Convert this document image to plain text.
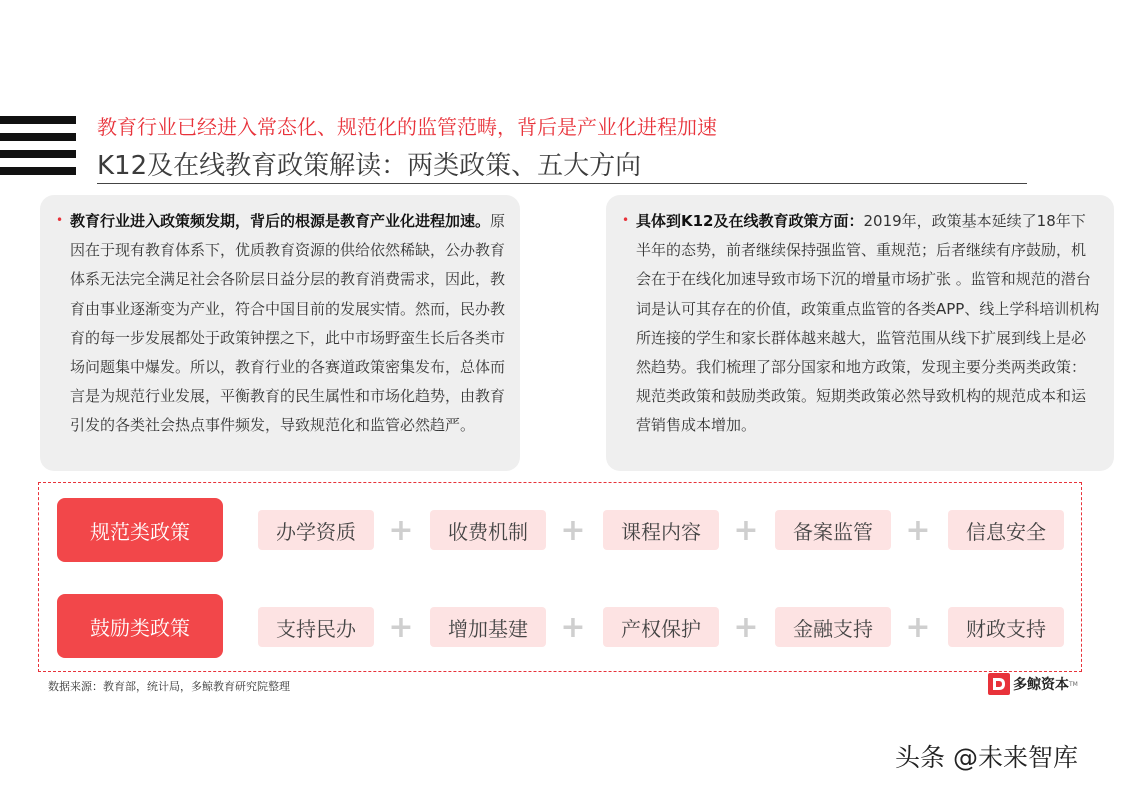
教育行业已经进入常态化、规范化的监管范畴，背后是产业化进程加速
K12及在线教育政策解读：两类政策、五大方向
• 教育行业进入政策频发期，背后的根源是教育产业化进程加速。原因在于现有教育体系下，优质教育资源的供给依然稀缺，公办教育体系无法完全满足社会各阶层日益分层的教育消费需求，因此，教育由事业逐渐变为产业，符合中国目前的发展实情。然而，民办教育的每一步发展都处于政策钟摆之下，此中市场野蛮生长后各类市场问题集中爆发。所以，教育行业的各赛道政策密集发布，总体而言是为规范行业发展，平衡教育的民生属性和市场化趋势，由教育引发的各类社会热点事件频发，导致规范化和监管必然趋严。
• 具体到K12及在线教育政策方面：2019年，政策基本延续了18年下半年的态势，前者继续保持强监管、重规范；后者继续有序鼓励，机会在于在线化加速导致市场下沉的增量市场扩张 。监管和规范的潜台词是认可其存在的价值，政策重点监管的各类APP、线上学科培训机构所连接的学生和家长群体越来越大，监管范围从线下扩展到线上是必然趋势。我们梳理了部分国家和地方政策，发现主要分类两类政策：规范类政策和鼓励类政策。短期类政策必然导致机构的规范成本和运营销售成本增加。
规范类政策	办学资质	+	收费机制	+	课程内容	+	备案监管	+	信息安全
鼓励类政策	支持民办	+	增加基建	+	产权保护	+	金融支持	+	财政支持
数据来源：教育部，统计局，多鲸教育研究院整理	多鲸资本 TM
头条 @未来智库
